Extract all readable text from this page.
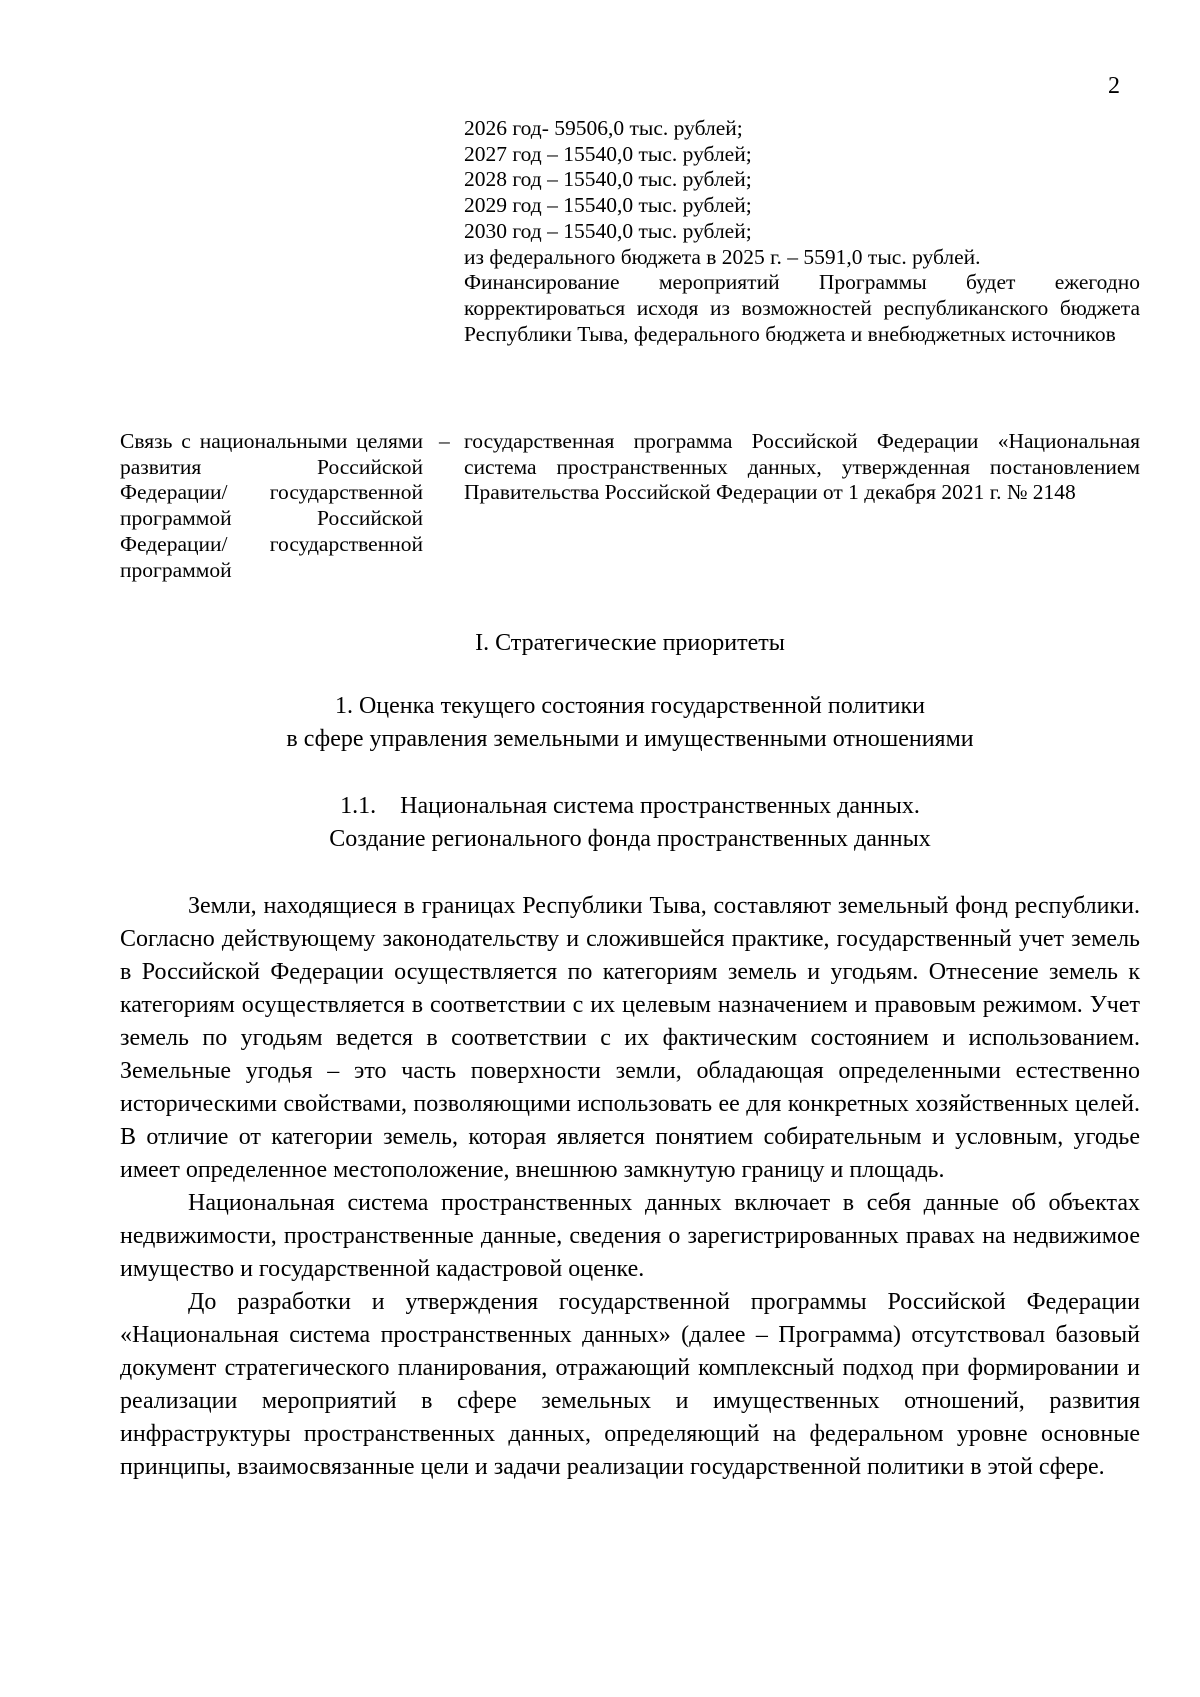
2
2026 год- 59506,0 тыс. рублей;
2027 год – 15540,0 тыс. рублей;
2028 год – 15540,0 тыс. рублей;
2029 год – 15540,0 тыс. рублей;
2030 год – 15540,0 тыс. рублей;
из федерального бюджета в 2025 г. – 5591,0 тыс. рублей.
Финансирование мероприятий Программы будет ежегодно корректироваться исходя из возможностей республиканского бюджета Республики Тыва, федерального бюджета и внебюджетных источников
Связь с национальными целями развития Российской Федерации/ государственной программой Российской Федерации/ государственной программой
– государственная программа Российской Федерации «Национальная система пространственных данных, утвержденная постановлением Правительства Российской Федерации от 1 декабря 2021 г. № 2148
I. Стратегические приоритеты
1. Оценка текущего состояния государственной политики
в сфере управления земельными и имущественными отношениями
1.1.    Национальная система пространственных данных.
Создание регионального фонда пространственных данных

Земли, находящиеся в границах Республики Тыва, составляют земельный фонд республики. Согласно действующему законодательству и сложившейся практике, государственный учет земель в Российской Федерации осуществляется по категориям земель и угодьям. Отнесение земель к категориям осуществляется в соответствии с их целевым назначением и правовым режимом. Учет земель по угодьям ведется в соответствии с их фактическим состоянием и использованием. Земельные угодья – это часть поверхности земли, обладающая определенными естественно историческими свойствами, позволяющими использовать ее для конкретных хозяйственных целей. В отличие от категории земель, которая является понятием собирательным и условным, угодье имеет определенное местоположение, внешнюю замкнутую границу и площадь.

Национальная система пространственных данных включает в себя данные об объектах недвижимости, пространственные данные, сведения о зарегистрированных правах на недвижимое имущество и государственной кадастровой оценке.

До разработки и утверждения государственной программы Российской Федерации «Национальная система пространственных данных» (далее – Программа) отсутствовал базовый документ стратегического планирования, отражающий комплексный подход при формировании и реализации мероприятий в сфере земельных и имущественных отношений, развития инфраструктуры пространственных данных, определяющий на федеральном уровне основные принципы, взаимосвязанные цели и задачи реализации государственной политики в этой сфере.
